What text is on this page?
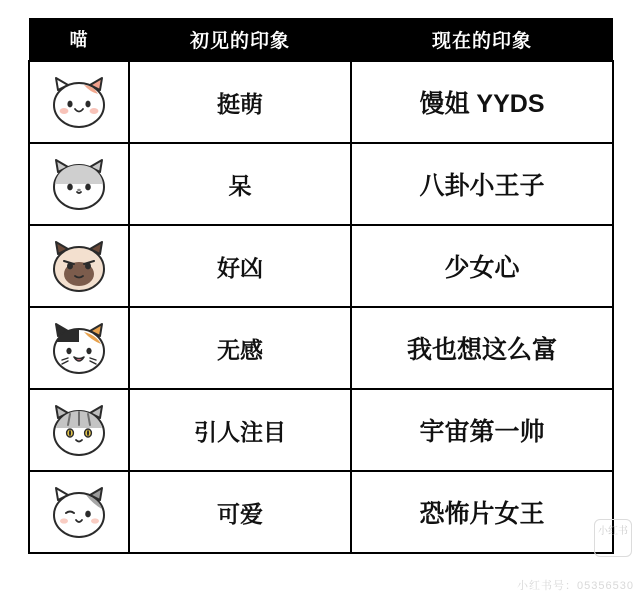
喵	初见的印象	现在的印象

	挺萌	馒姐 YYDS

	呆	八卦小王子

	好凶	少女心

	无感	我也想这么富

	引人注目	宇宙第一帅

	可爱	恐怖片女王
小红书
小红书号：05356530
